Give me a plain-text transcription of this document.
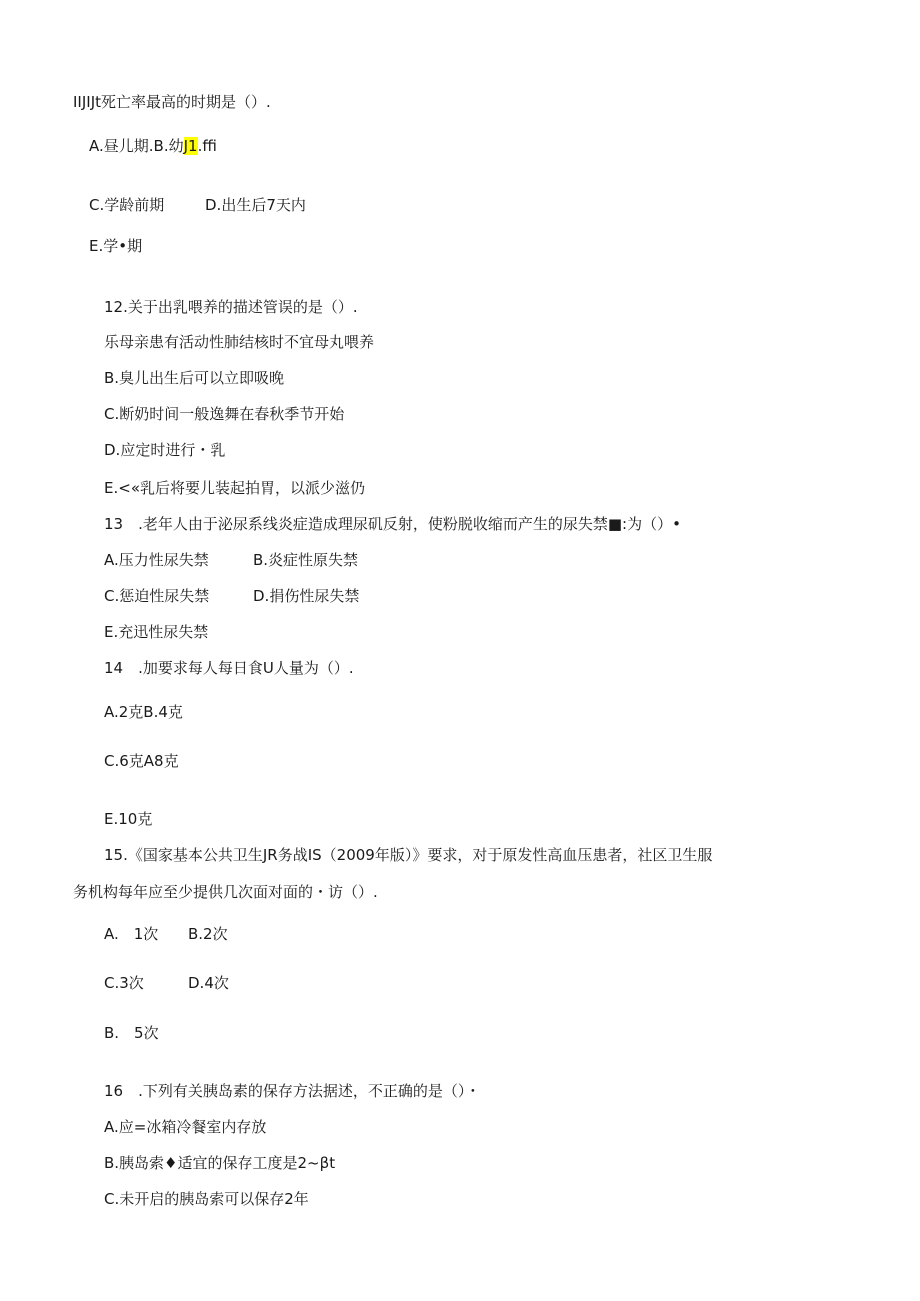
IIJIJt死亡率最高的时期是（）.
A.昼儿期.B.幼J1.ffi
C.学龄前期	D.出生后7天内
E.学•期
12.关于出乳喂养的描述管误的是（）.
乐母亲患有活动性肺结核时不宜母丸喂养
B.臭儿出生后可以立即吸晚
C.断奶时间一般逸舞在春秋季节开始
D.应定时进行・乳
E.<«乳后将要儿装起拍胃，以派少滋仍
13　.老年人由于泌尿系线炎症造成理尿矶反射，使粉脱收缩而产生的尿失禁■:为（）•
A.压力性尿失禁	B.炎症性原失禁
C.惩迫性尿失禁	D.捐伤性尿失禁
E.充迅性尿失禁
14　.加要求每人每日食U人量为（）.
A.2克B.4克
C.6克A8克
E.10克
15.《国家基本公共卫生JR务战IS（2009年版）》要求，对于原发性高血压患者，社区卫生服
务机构每年应至少提供几次面对面的・访（）.
A.　1次 B.2次
C.3次	D.4次
B.　5次
16　.下列有关胰岛素的保存方法据述，不正确的是（）・
A.应=冰箱冷餐室内存放
B.胰岛索♦适宜的保存工度是2~βt
C.未开启的胰岛索可以保存2年
